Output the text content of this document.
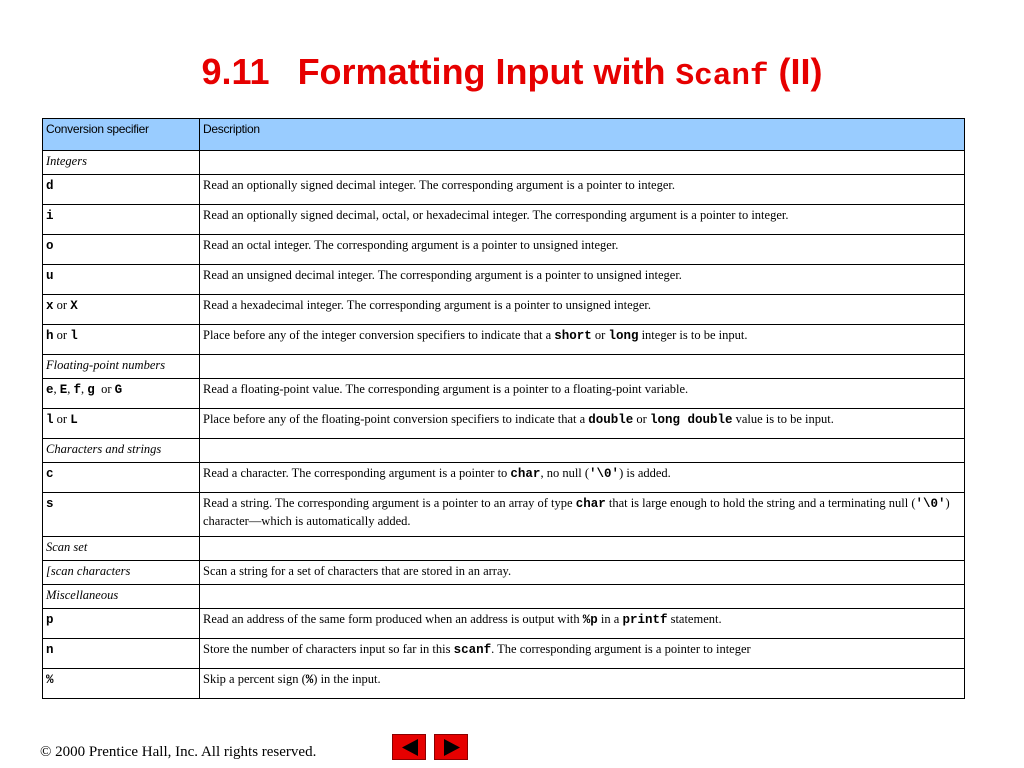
9.11 Formatting Input with Scanf (II)
Conversion specifier	Description
Integers	
d	Read an optionally signed decimal integer. The corresponding argument is a pointer to integer.
i	Read an optionally signed decimal, octal, or hexadecimal integer. The corresponding argument is a pointer to integer.
o	Read an octal integer. The corresponding argument is a pointer to unsigned integer.
u	Read an unsigned decimal integer. The corresponding argument is a pointer to unsigned integer.
x or X	Read a hexadecimal integer. The corresponding argument is a pointer to unsigned integer.
h or l	Place before any of the integer conversion specifiers to indicate that a short or long integer is to be input.
Floating-point numbers	
e, E, f, g  or G	Read a floating-point value. The corresponding argument is a pointer to a floating-point variable.
l or L	Place before any of the floating-point conversion specifiers to indicate that a double or long double value is to be input.
Characters and strings	
c	Read a character. The corresponding argument is a pointer to char, no null ('\0') is added.
s	Read a string. The corresponding argument is a pointer to an array of type char that is large enough to hold the string and a terminating null ('\0') character—which is automatically added.
Scan set	
[scan characters	Scan a string for a set of characters that are stored in an array.
Miscellaneous	
p	Read an address of the same form produced when an address is output with %p in a printf statement.
n	Store the number of characters input so far in this scanf. The corresponding argument is a pointer to integer
%	Skip a percent sign (%) in the input.
© 2000 Prentice Hall, Inc. All rights reserved.
